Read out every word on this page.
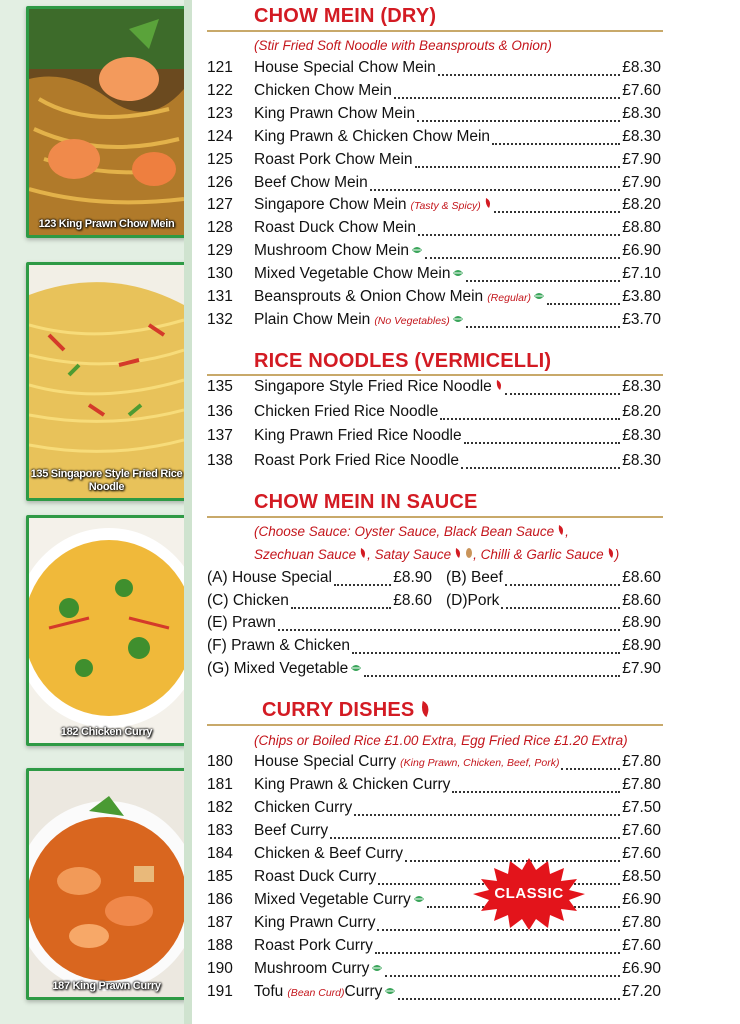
123 King Prawn Chow Mein
135 Singapore Style Fried Rice Noodle
182 Chicken Curry
187 King Prawn Curry
CHOW MEIN (DRY)
(Stir Fried Soft Noodle with Beansprouts & Onion)
121	House Special Chow Mein	£8.30
122	Chicken Chow Mein	£7.60
123	King Prawn Chow Mein	£8.30
124	King Prawn & Chicken Chow Mein	£8.30
125	Roast Pork Chow Mein	£7.90
126	Beef Chow Mein	£7.90
127	Singapore Chow Mein (Tasty & Spicy)	£8.20
128	Roast Duck Chow Mein	£8.80
129	Mushroom Chow Mein	£6.90
130	Mixed Vegetable Chow Mein	£7.10
131	Beansprouts & Onion Chow Mein (Regular)	£3.80
132	Plain Chow Mein (No Vegetables)	£3.70
RICE NOODLES (VERMICELLI)
135	Singapore Style Fried Rice Noodle	£8.30
136	Chicken Fried Rice Noodle	£8.20
137	King Prawn Fried Rice Noodle	£8.30
138	Roast Pork Fried Rice Noodle	£8.30
CHOW MEIN IN SAUCE
(Choose Sauce: Oyster Sauce, Black Bean Sauce ,
Szechuan Sauce , Satay Sauce , Chilli & Garlic Sauce )
(A) House Special	£8.90 (B) Beef	£8.60
(C) Chicken	£8.60 (D)Pork	£8.60
(E) Prawn	£8.90
(F) Prawn & Chicken	£8.90
(G) Mixed Vegetable	£7.90
CURRY DISHES
(Chips or Boiled Rice £1.00 Extra, Egg Fried Rice £1.20 Extra)
180	House Special Curry (King Prawn, Chicken, Beef, Pork)	£7.80
181	King Prawn & Chicken Curry	£7.80
182	Chicken Curry	£7.50
183	Beef Curry	£7.60
184	Chicken & Beef Curry	£7.60
185	Roast Duck Curry	£8.50
186	Mixed Vegetable Curry	£6.90
187	King Prawn Curry	£7.80
188	Roast Pork Curry	£7.60
190	Mushroom Curry	£6.90
191	Tofu (Bean Curd) Curry	£7.20
CLASSIC
